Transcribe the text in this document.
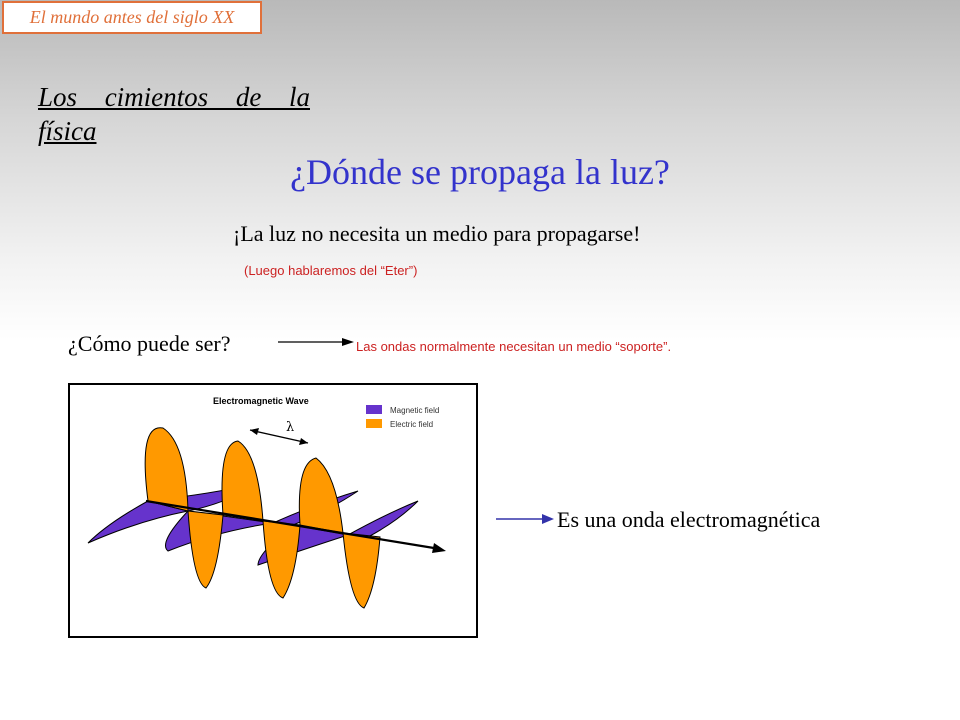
El mundo antes del siglo XX
Los cimientos de la
física
¿Dónde se propaga la luz?
¡La luz no necesita un medio para propagarse!
(Luego hablaremos del “Eter”)
¿Cómo puede ser?	Las ondas normalmente necesitan un medio “soporte”.
Electromagnetic Wave
Magnetic field
Electric field
λ
Es una onda electromagnética
